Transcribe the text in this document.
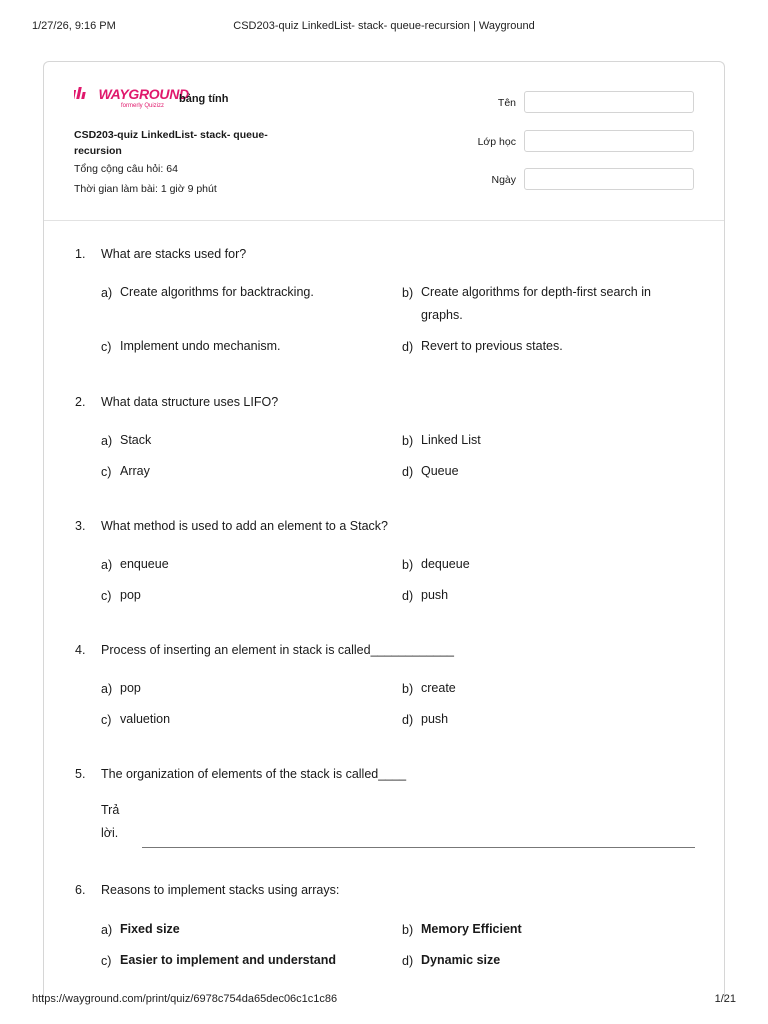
1/27/26, 9:16 PM	CSD203-quiz LinkedList- stack- queue-recursion | Wayground
WAYGROUND
formerly Quizizz
bảng tính
CSD203-quiz LinkedList- stack- queue-recursion
Tổng cộng câu hỏi: 64
Thời gian làm bài: 1 giờ 9 phút
Tên
Lớp học
Ngày
1. What are stacks used for?
a) Create algorithms for backtracking.	b) Create algorithms for depth-first search in graphs.
c) Implement undo mechanism.	d) Revert to previous states.
2. What data structure uses LIFO?
a) Stack	b) Linked List
c) Array	d) Queue
3. What method is used to add an element to a Stack?
a) enqueue	b) dequeue
c) pop	d) push
4. Process of inserting an element in stack is called____________
a) pop	b) create
c) valuetion	d) push
5. The organization of elements of the stack is called____
Trả lời.
6. Reasons to implement stacks using arrays:
a) Fixed size	b) Memory Efficient
c) Easier to implement and understand	d) Dynamic size
https://wayground.com/print/quiz/6978c754da65dec06c1c1c86	1/21
